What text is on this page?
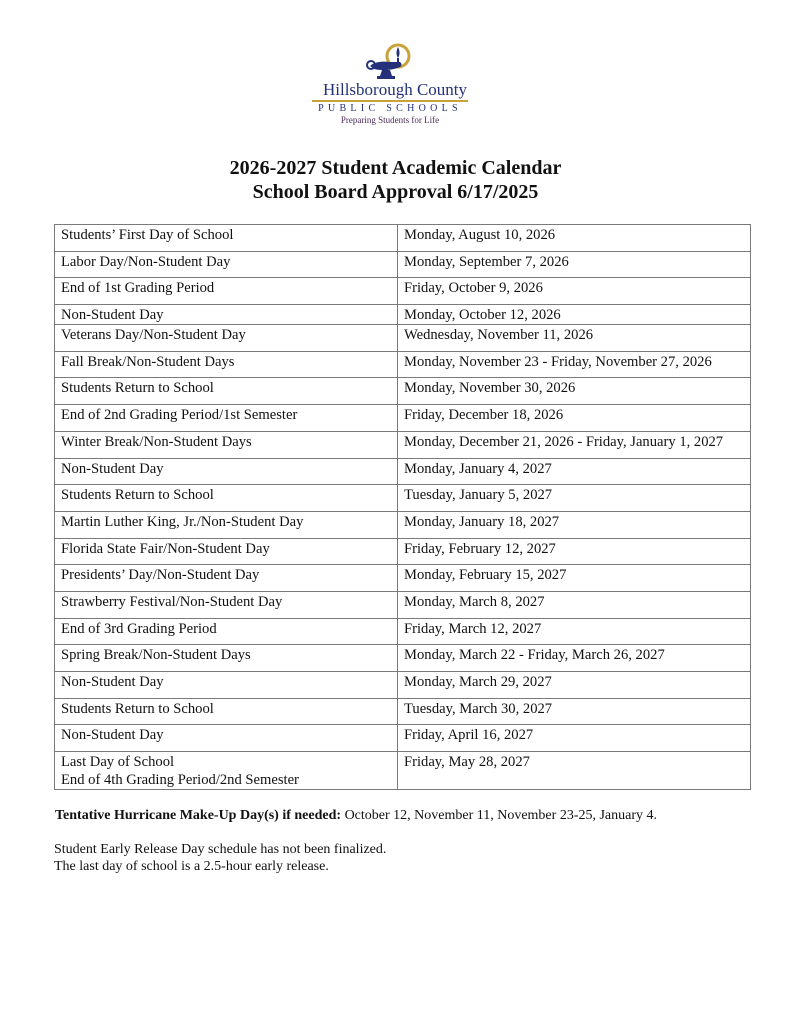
Hillsborough County
PUBLIC SCHOOLS
Preparing Students for Life
2026-2027 Student Academic Calendar
School Board Approval 6/17/2025
Students’ First Day of School	Monday, August 10, 2026

Labor Day/Non-Student Day	Monday, September 7, 2026

End of 1st Grading Period	Friday, October 9, 2026

Non-Student Day	Monday, October 12, 2026

Veterans Day/Non-Student Day	Wednesday, November 11, 2026

Fall Break/Non-Student Days	Monday, November 23 - Friday, November 27, 2026

Students Return to School	Monday, November 30, 2026

End of 2nd Grading Period/1st Semester	Friday, December 18, 2026

Winter Break/Non-Student Days	Monday, December 21, 2026 - Friday, January 1, 2027

Non-Student Day	Monday, January 4, 2027

Students Return to School	Tuesday, January 5, 2027

Martin Luther King, Jr./Non-Student Day	Monday, January 18, 2027

Florida State Fair/Non-Student Day	Friday, February 12, 2027

Presidents’ Day/Non-Student Day	Monday, February 15, 2027

Strawberry Festival/Non-Student Day	Monday, March 8, 2027

End of 3rd Grading Period	Friday, March 12, 2027

Spring Break/Non-Student Days	Monday, March 22 - Friday, March 26, 2027

Non-Student Day	Monday, March 29, 2027

Students Return to School	Tuesday, March 30, 2027

Non-Student Day	Friday, April 16, 2027

Last Day of School
End of 4th Grading Period/2nd Semester	Friday, May 28, 2027
Tentative Hurricane Make-Up Day(s) if needed: October 12, November 11, November 23-25, January 4.
Student Early Release Day schedule has not been finalized.
The last day of school is a 2.5-hour early release.
